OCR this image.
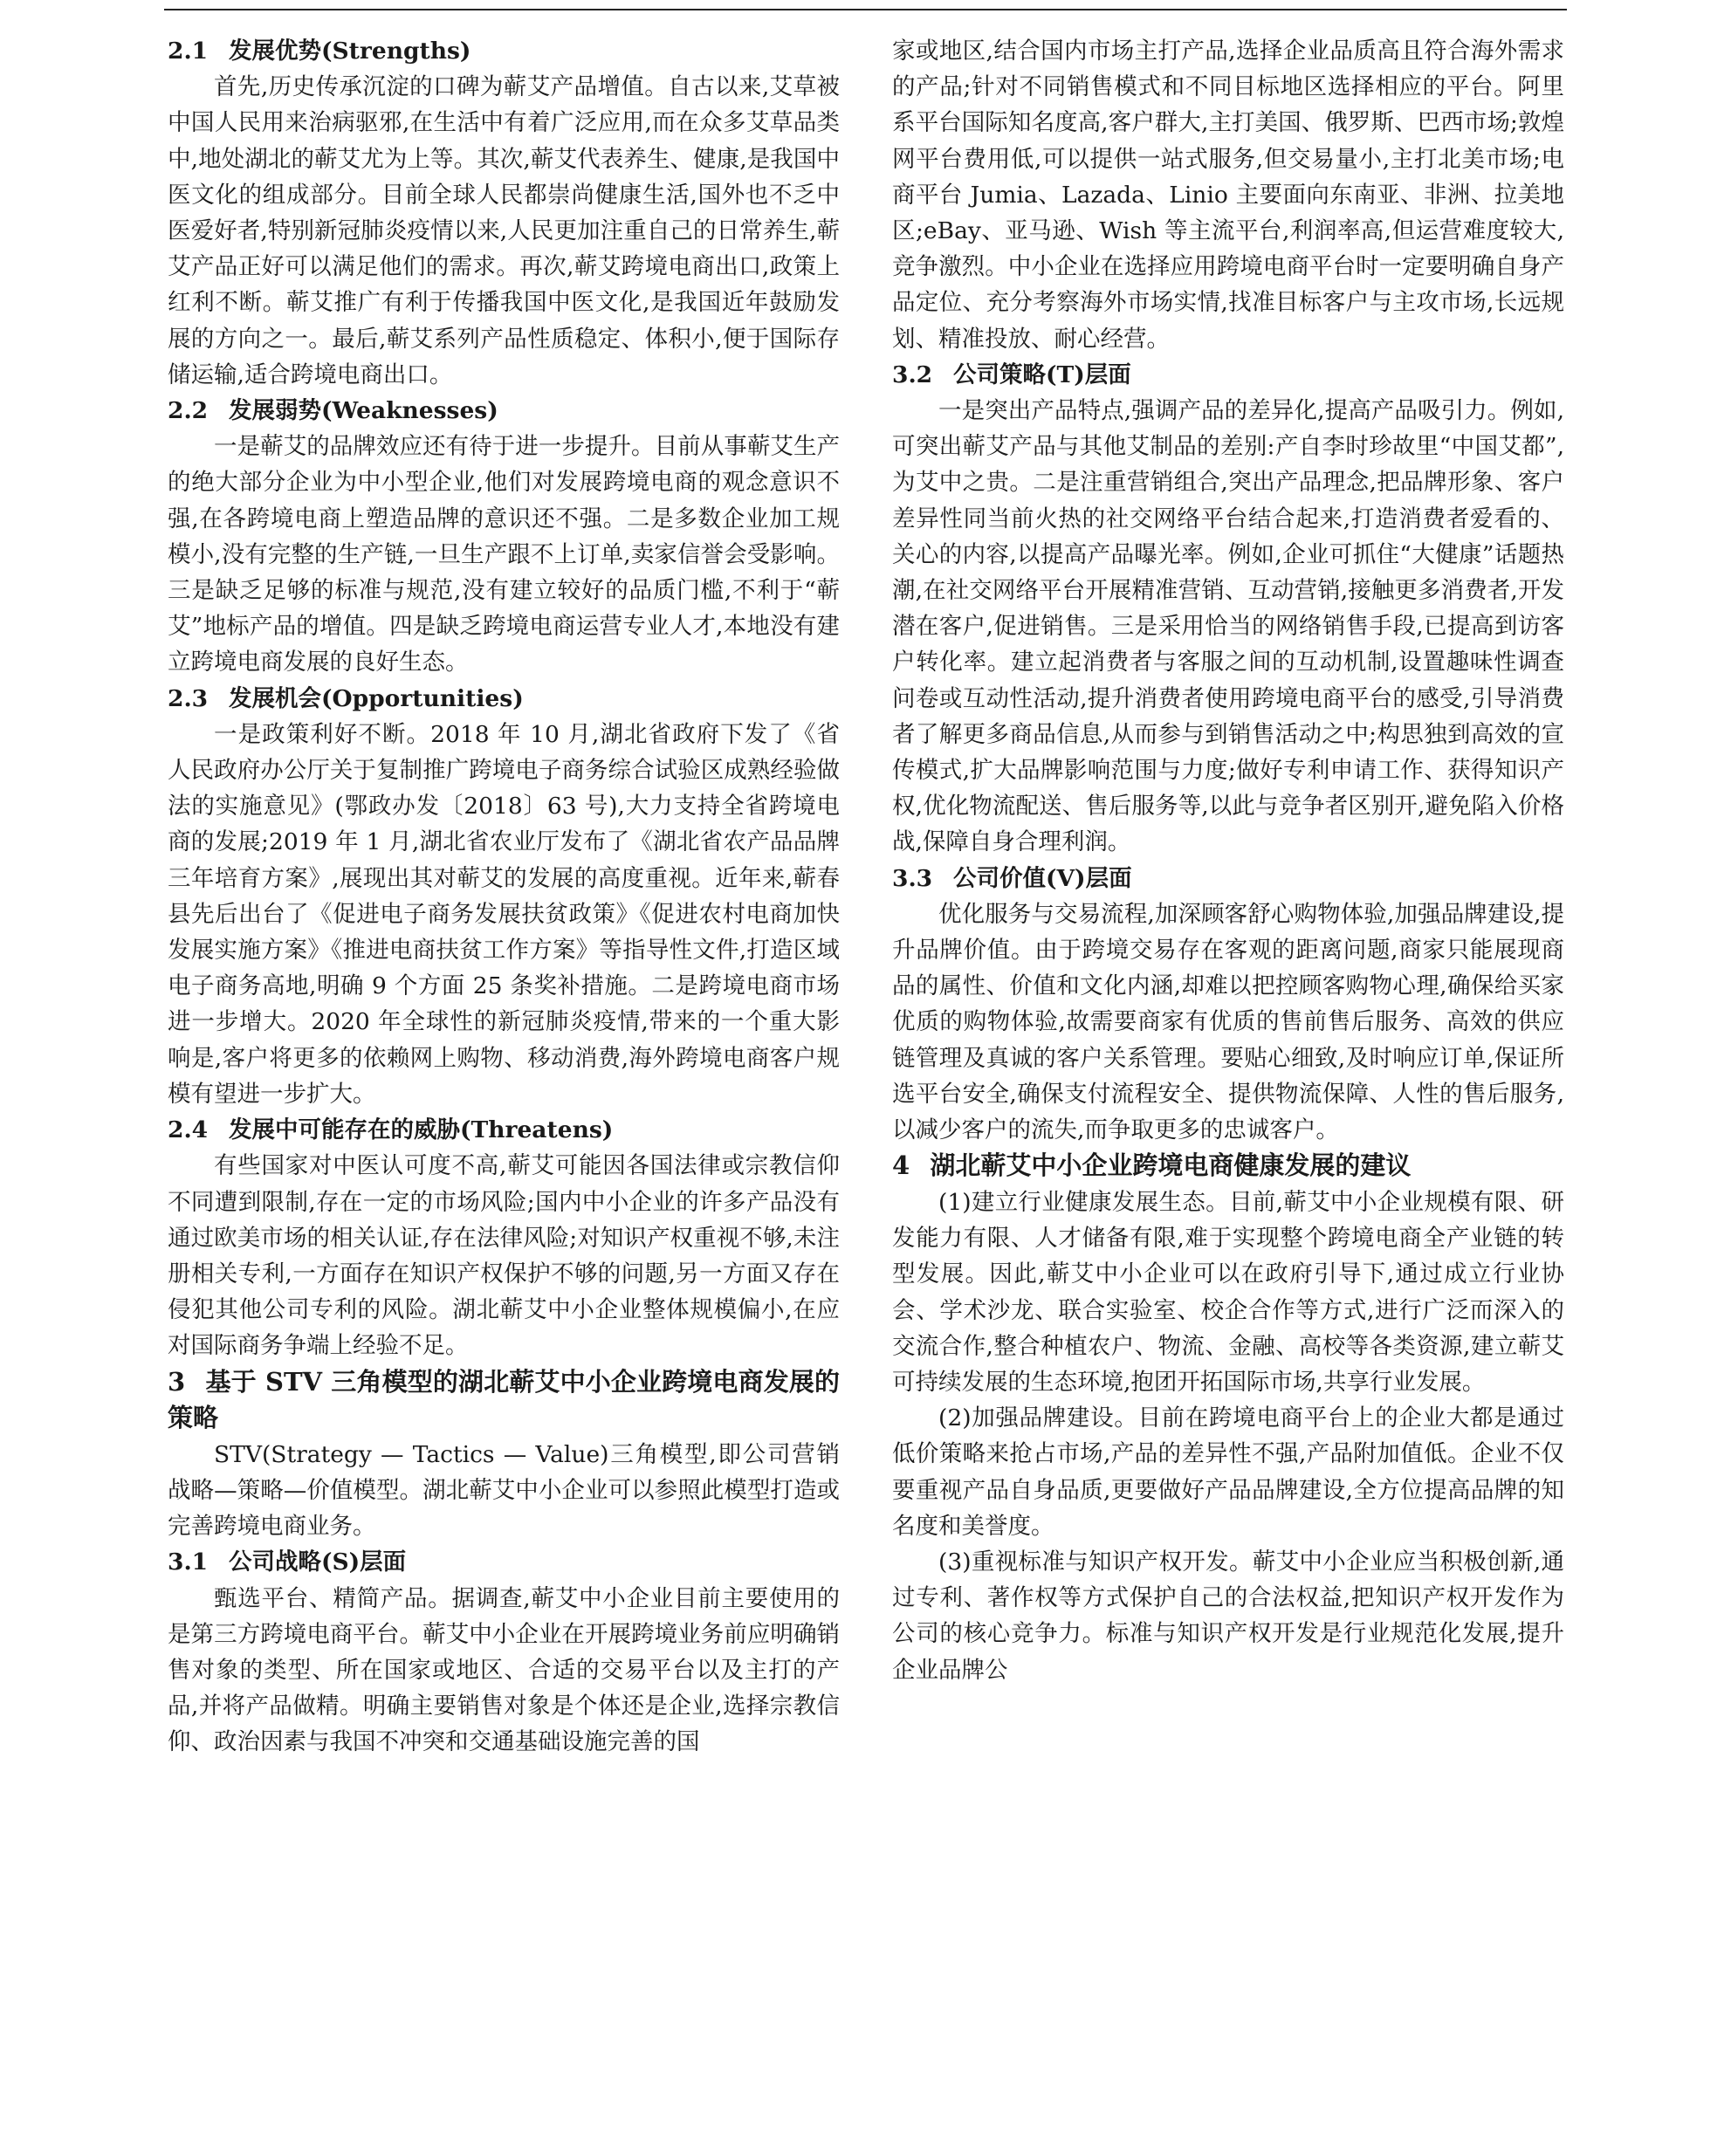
2.1 发展优势(Strengths)

首先,历史传承沉淀的口碑为蕲艾产品增值。自古以来,艾草被中国人民用来治病驱邪,在生活中有着广泛应用,而在众多艾草品类中,地处湖北的蕲艾尤为上等。其次,蕲艾代表养生、健康,是我国中医文化的组成部分。目前全球人民都崇尚健康生活,国外也不乏中医爱好者,特别新冠肺炎疫情以来,人民更加注重自己的日常养生,蕲艾产品正好可以满足他们的需求。再次,蕲艾跨境电商出口,政策上红利不断。蕲艾推广有利于传播我国中医文化,是我国近年鼓励发展的方向之一。最后,蕲艾系列产品性质稳定、体积小,便于国际存储运输,适合跨境电商出口。

2.2 发展弱势(Weaknesses)

一是蕲艾的品牌效应还有待于进一步提升。目前从事蕲艾生产的绝大部分企业为中小型企业,他们对发展跨境电商的观念意识不强,在各跨境电商上塑造品牌的意识还不强。二是多数企业加工规模小,没有完整的生产链,一旦生产跟不上订单,卖家信誉会受影响。三是缺乏足够的标准与规范,没有建立较好的品质门槛,不利于“蕲艾”地标产品的增值。四是缺乏跨境电商运营专业人才,本地没有建立跨境电商发展的良好生态。

2.3 发展机会(Opportunities)

一是政策利好不断。2018 年 10 月,湖北省政府下发了《省人民政府办公厅关于复制推广跨境电子商务综合试验区成熟经验做法的实施意见》(鄂政办发〔2018〕63 号),大力支持全省跨境电商的发展;2019 年 1 月,湖北省农业厅发布了《湖北省农产品品牌三年培育方案》,展现出其对蕲艾的发展的高度重视。近年来,蕲春县先后出台了《促进电子商务发展扶贫政策》《促进农村电商加快发展实施方案》《推进电商扶贫工作方案》等指导性文件,打造区域电子商务高地,明确 9 个方面 25 条奖补措施。二是跨境电商市场进一步增大。2020 年全球性的新冠肺炎疫情,带来的一个重大影响是,客户将更多的依赖网上购物、移动消费,海外跨境电商客户规模有望进一步扩大。

2.4 发展中可能存在的威胁(Threatens)

有些国家对中医认可度不高,蕲艾可能因各国法律或宗教信仰不同遭到限制,存在一定的市场风险;国内中小企业的许多产品没有通过欧美市场的相关认证,存在法律风险;对知识产权重视不够,未注册相关专利,一方面存在知识产权保护不够的问题,另一方面又存在侵犯其他公司专利的风险。湖北蕲艾中小企业整体规模偏小,在应对国际商务争端上经验不足。

3 基于 STV 三角模型的湖北蕲艾中小企业跨境电商发展的策略

STV(Strategy — Tactics — Value)三角模型,即公司营销战略—策略—价值模型。湖北蕲艾中小企业可以参照此模型打造或完善跨境电商业务。

3.1 公司战略(S)层面

甄选平台、精简产品。据调查,蕲艾中小企业目前主要使用的是第三方跨境电商平台。蕲艾中小企业在开展跨境业务前应明确销售对象的类型、所在国家或地区、合适的交易平台以及主打的产品,并将产品做精。明确主要销售对象是个体还是企业,选择宗教信仰、政治因素与我国不冲突和交通基础设施完善的国

家或地区,结合国内市场主打产品,选择企业品质高且符合海外需求的产品;针对不同销售模式和不同目标地区选择相应的平台。阿里系平台国际知名度高,客户群大,主打美国、俄罗斯、巴西市场;敦煌网平台费用低,可以提供一站式服务,但交易量小,主打北美市场;电商平台 Jumia、Lazada、Linio 主要面向东南亚、非洲、拉美地区;eBay、亚马逊、Wish 等主流平台,利润率高,但运营难度较大,竞争激烈。中小企业在选择应用跨境电商平台时一定要明确自身产品定位、充分考察海外市场实情,找准目标客户与主攻市场,长远规划、精准投放、耐心经营。

3.2 公司策略(T)层面

一是突出产品特点,强调产品的差异化,提高产品吸引力。例如,可突出蕲艾产品与其他艾制品的差别:产自李时珍故里“中国艾都”,为艾中之贵。二是注重营销组合,突出产品理念,把品牌形象、客户差异性同当前火热的社交网络平台结合起来,打造消费者爱看的、关心的内容,以提高产品曝光率。例如,企业可抓住“大健康”话题热潮,在社交网络平台开展精准营销、互动营销,接触更多消费者,开发潜在客户,促进销售。三是采用恰当的网络销售手段,已提高到访客户转化率。建立起消费者与客服之间的互动机制,设置趣味性调查问卷或互动性活动,提升消费者使用跨境电商平台的感受,引导消费者了解更多商品信息,从而参与到销售活动之中;构思独到高效的宣传模式,扩大品牌影响范围与力度;做好专利申请工作、获得知识产权,优化物流配送、售后服务等,以此与竞争者区别开,避免陷入价格战,保障自身合理利润。

3.3 公司价值(V)层面

优化服务与交易流程,加深顾客舒心购物体验,加强品牌建设,提升品牌价值。由于跨境交易存在客观的距离问题,商家只能展现商品的属性、价值和文化内涵,却难以把控顾客购物心理,确保给买家优质的购物体验,故需要商家有优质的售前售后服务、高效的供应链管理及真诚的客户关系管理。要贴心细致,及时响应订单,保证所选平台安全,确保支付流程安全、提供物流保障、人性的售后服务,以减少客户的流失,而争取更多的忠诚客户。

4 湖北蕲艾中小企业跨境电商健康发展的建议

(1)建立行业健康发展生态。目前,蕲艾中小企业规模有限、研发能力有限、人才储备有限,难于实现整个跨境电商全产业链的转型发展。因此,蕲艾中小企业可以在政府引导下,通过成立行业协会、学术沙龙、联合实验室、校企合作等方式,进行广泛而深入的交流合作,整合种植农户、物流、金融、高校等各类资源,建立蕲艾可持续发展的生态环境,抱团开拓国际市场,共享行业发展。

(2)加强品牌建设。目前在跨境电商平台上的企业大都是通过低价策略来抢占市场,产品的差异性不强,产品附加值低。企业不仅要重视产品自身品质,更要做好产品品牌建设,全方位提高品牌的知名度和美誉度。

(3)重视标准与知识产权开发。蕲艾中小企业应当积极创新,通过专利、著作权等方式保护自己的合法权益,把知识产权开发作为公司的核心竞争力。标准与知识产权开发是行业规范化发展,提升企业品牌公
